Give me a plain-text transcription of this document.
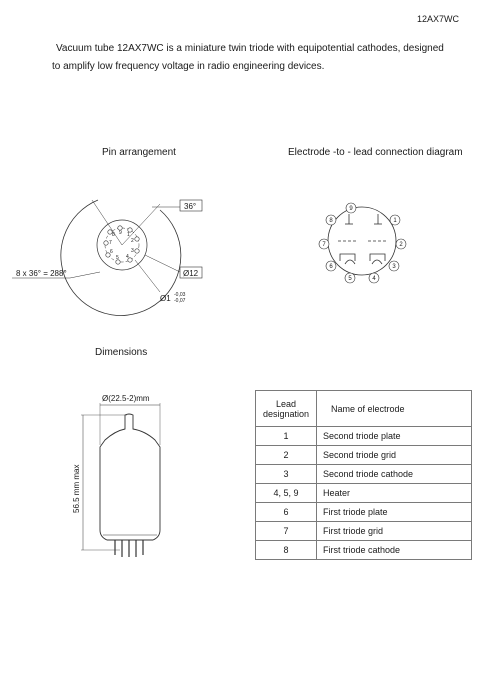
12AX7WC
Vacuum tube 12AX7WC is a miniature twin triode with equipotential cathodes, designed
to amplify low frequency voltage in radio engineering devices.
Pin arrangement	Electrode -to - lead connection diagram
Dimensions
1
2
3
4
5
6
7
8 9
36°
Ø12
8 x 36° = 288°
Ø1 -0,03
-0,07
1
2
3
4
5
6
7
8
9
Ø(22.5-2)mm
56.5 mm max
Lead
designation	Name of electrode
1	Second triode plate
2	Second triode grid
3	Second triode cathode
4, 5, 9	Heater
6	First triode plate
7	First triode grid
8	First triode cathode
